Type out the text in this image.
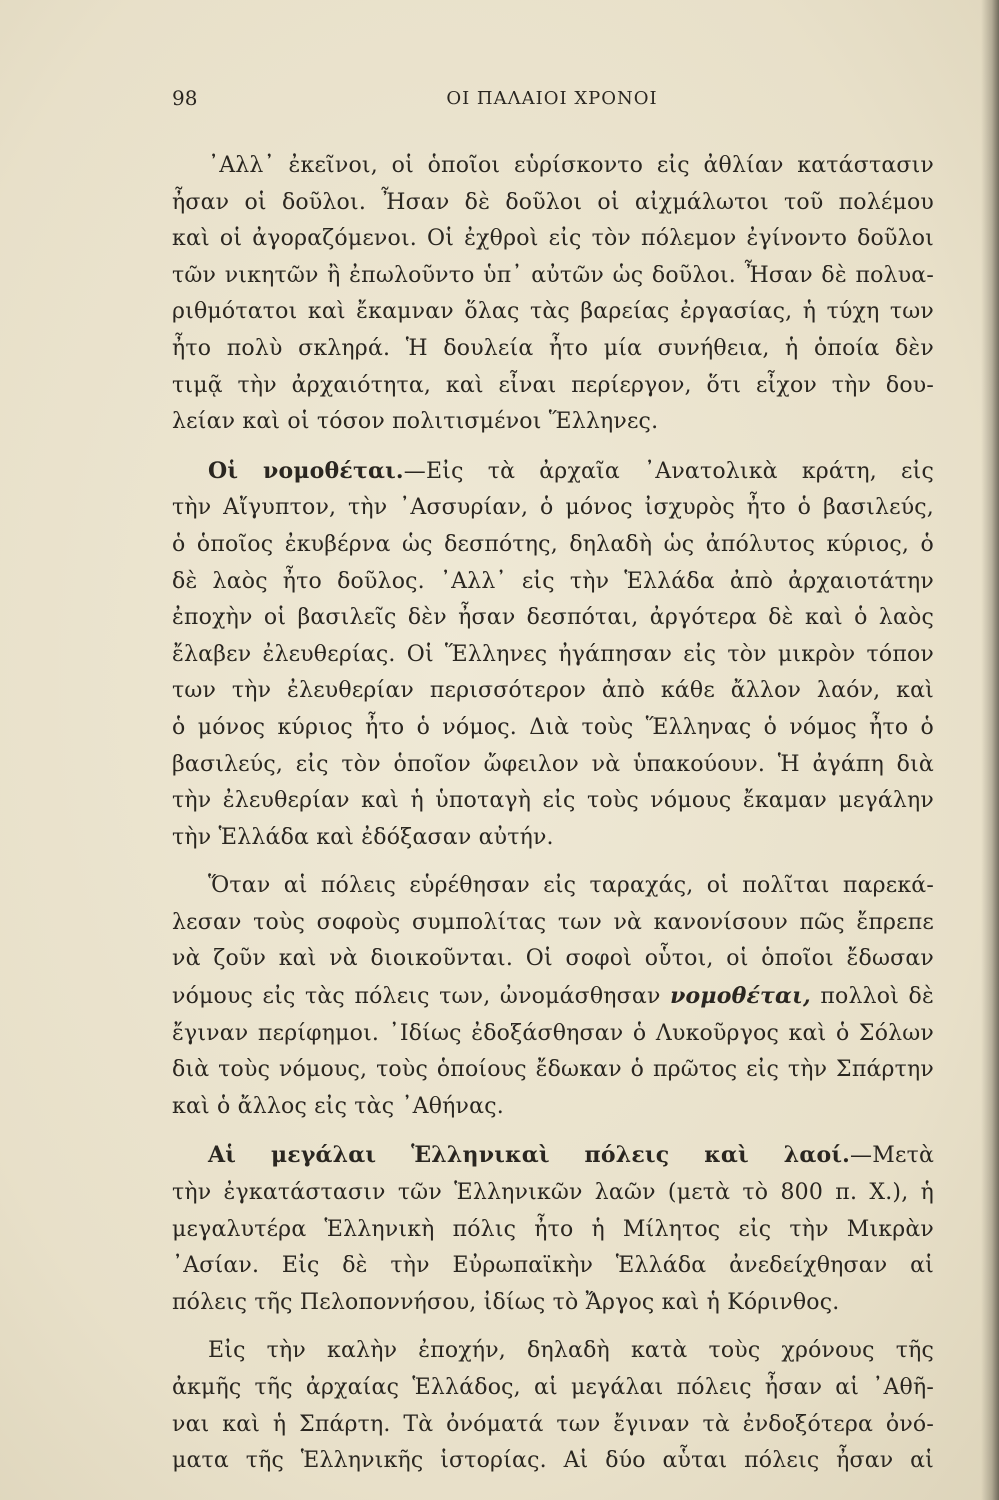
98	ΟΙ ΠΑΛΑΙΟΙ ΧΡΟΝΟΙ
᾿Αλλ᾽ ἐκεῖνοι, οἱ ὁποῖοι εὑρίσκοντο εἰς ἀθλίαν κατάστασιν
ἦσαν οἱ δοῦλοι. Ἦσαν δὲ δοῦλοι οἱ αἰχμάλωτοι τοῦ πολέμου
καὶ οἱ ἀγοραζόμενοι. Οἱ ἐχθροὶ εἰς τὸν πόλεμον ἐγίνοντο δοῦλοι
τῶν νικητῶν ἢ ἐπωλοῦντο ὑπ᾽ αὐτῶν ὡς δοῦλοι. Ἦσαν δὲ πολυα-
ριθμότατοι καὶ ἔκαμναν ὅλας τὰς βαρείας ἐργασίας, ἡ τύχη των
ἦτο πολὺ σκληρά. Ἡ δουλεία ἦτο μία συνήθεια, ἡ ὁποία δὲν
τιμᾷ τὴν ἀρχαιότητα, καὶ εἶναι περίεργον, ὅτι εἶχον τὴν δου-
λείαν καὶ οἱ τόσον πολιτισμένοι Ἕλληνες.
Οἱ νομοθέται.—Εἰς τὰ ἀρχαῖα ᾿Ανατολικὰ κράτη, εἰς
τὴν Αἴγυπτον, τὴν ᾿Ασσυρίαν, ὁ μόνος ἰσχυρὸς ἦτο ὁ βασιλεύς,
ὁ ὁποῖος ἐκυβέρνα ὡς δεσπότης, δηλαδὴ ὡς ἀπόλυτος κύριος, ὁ
δὲ λαὸς ἦτο δοῦλος. ᾿Αλλ᾽ εἰς τὴν Ἑλλάδα ἀπὸ ἀρχαιοτάτην
ἐποχὴν οἱ βασιλεῖς δὲν ἦσαν δεσπόται, ἀργότερα δὲ καὶ ὁ λαὸς
ἔλαβεν ἐλευθερίας. Οἱ Ἕλληνες ἠγάπησαν εἰς τὸν μικρὸν τόπον
των τὴν ἐλευθερίαν περισσότερον ἀπὸ κάθε ἄλλον λαόν, καὶ
ὁ μόνος κύριος ἦτο ὁ νόμος. Διὰ τοὺς Ἕλληνας ὁ νόμος ἦτο ὁ
βασιλεύς, εἰς τὸν ὁποῖον ὤφειλον νὰ ὑπακούουν. Ἡ ἀγάπη διὰ
τὴν ἐλευθερίαν καὶ ἡ ὑποταγὴ εἰς τοὺς νόμους ἔκαμαν μεγάλην
τὴν Ἑλλάδα καὶ ἐδόξασαν αὐτήν.
Ὅταν αἱ πόλεις εὑρέθησαν εἰς ταραχάς, οἱ πολῖται παρεκά-
λεσαν τοὺς σοφοὺς συμπολίτας των νὰ κανονίσουν πῶς ἔπρεπε
νὰ ζοῦν καὶ νὰ διοικοῦνται. Οἱ σοφοὶ οὗτοι, οἱ ὁποῖοι ἔδωσαν
νόμους εἰς τὰς πόλεις των, ὠνομάσθησαν νομοθέται, πολλοὶ δὲ
ἔγιναν περίφημοι. ᾿Ιδίως ἐδοξάσθησαν ὁ Λυκοῦργος καὶ ὁ Σόλων
διὰ τοὺς νόμους, τοὺς ὁποίους ἔδωκαν ὁ πρῶτος εἰς τὴν Σπάρτην
καὶ ὁ ἄλλος εἰς τὰς ᾿Αθήνας.
Αἱ μεγάλαι Ἑλληνικαὶ πόλεις καὶ λαοί.—Μετὰ
τὴν ἐγκατάστασιν τῶν Ἑλληνικῶν λαῶν (μετὰ τὸ 800 π. Χ.), ἡ
μεγαλυτέρα Ἑλληνικὴ πόλις ἦτο ἡ Μίλητος εἰς τὴν Μικρὰν
᾿Ασίαν. Εἰς δὲ τὴν Εὐρωπαϊκὴν Ἑλλάδα ἀνεδείχθησαν αἱ
πόλεις τῆς Πελοποννήσου, ἰδίως τὸ Ἄργος καὶ ἡ Κόρινθος.
Εἰς τὴν καλὴν ἐποχήν, δηλαδὴ κατὰ τοὺς χρόνους τῆς
ἀκμῆς τῆς ἀρχαίας Ἑλλάδος, αἱ μεγάλαι πόλεις ἦσαν αἱ ᾿Αθῆ-
ναι καὶ ἡ Σπάρτη. Τὰ ὀνόματά των ἔγιναν τὰ ἐνδοξότερα ὀνό-
ματα τῆς Ἑλληνικῆς ἱστορίας. Αἱ δύο αὗται πόλεις ἦσαν αἱ
